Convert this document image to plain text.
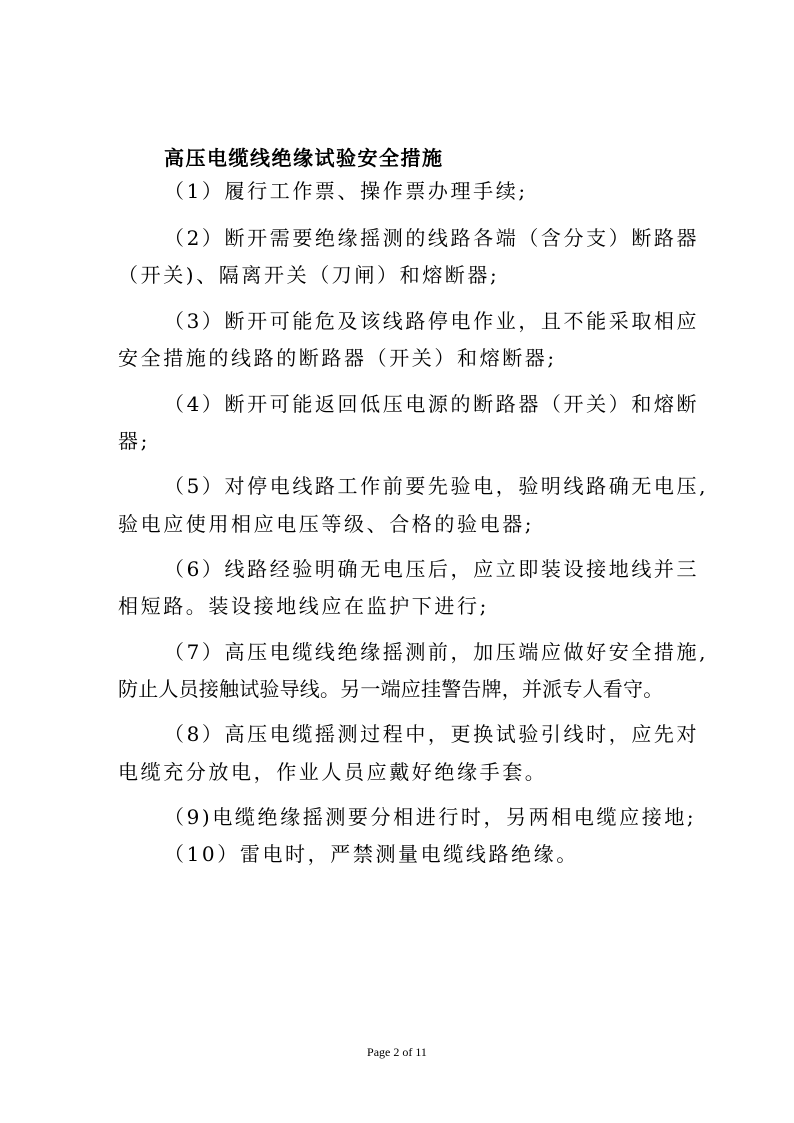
高压电缆线绝缘试验安全措施
（1）履行工作票、操作票办理手续;
（2）断开需要绝缘摇测的线路各端（含分支）断路器
（开关)、隔离开关（刀闸）和熔断器;
（3）断开可能危及该线路停电作业，且不能采取相应
安全措施的线路的断路器（开关）和熔断器;
（4）断开可能返回低压电源的断路器（开关）和熔断
器;
（5）对停电线路工作前要先验电，验明线路确无电压,
验电应使用相应电压等级、合格的验电器;
（6）线路经验明确无电压后，应立即装设接地线并三
相短路。装设接地线应在监护下进行;
（7）高压电缆线绝缘摇测前，加压端应做好安全措施,
防止人员接触试验导线。另一端应挂警告牌，并派专人看守。
（8）高压电缆摇测过程中，更换试验引线时，应先对
电缆充分放电，作业人员应戴好绝缘手套。
（9)电缆绝缘摇测要分相进行时，另两相电缆应接地;
（10）雷电时，严禁测量电缆线路绝缘。
Page 2 of 11
